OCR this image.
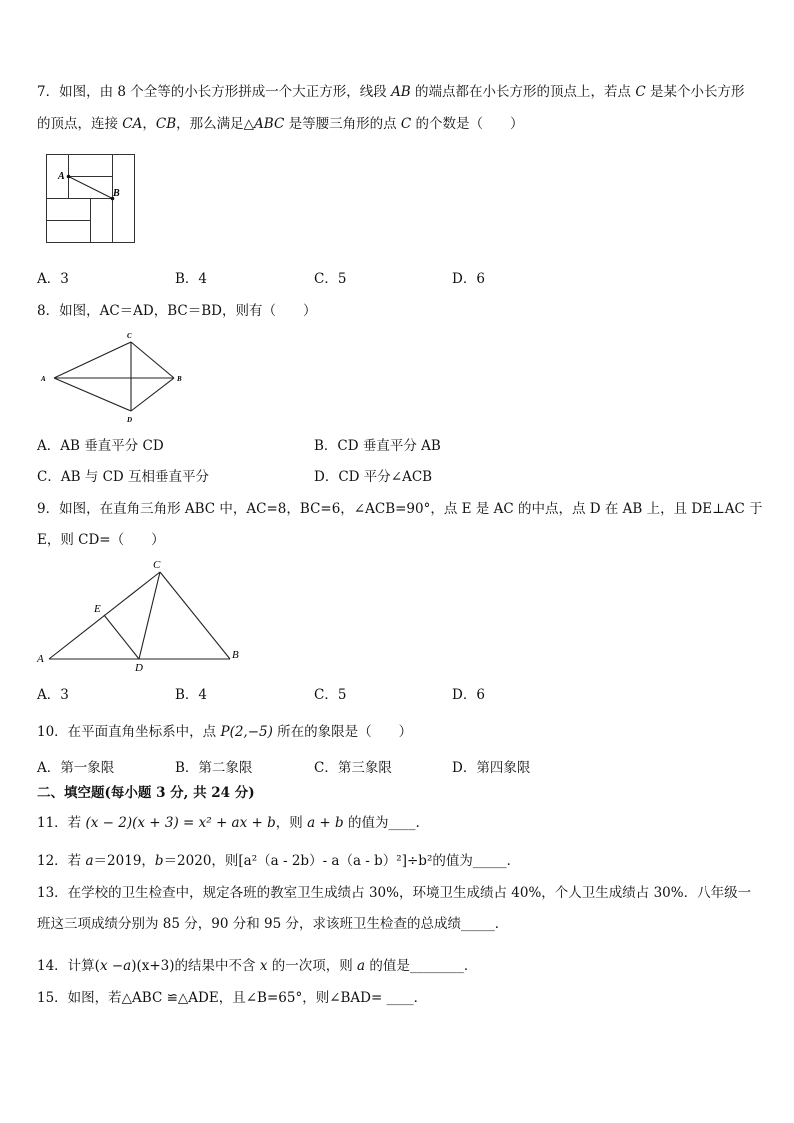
7．如图，由 8 个全等的小长方形拼成一个大正方形，线段 AB 的端点都在小长方形的顶点上，若点 C 是某个小长方形
的顶点，连接 CA，CB，那么满足△ABC 是等腰三角形的点 C 的个数是（　　）
A
B
A．3	B．4	C．5	D．6
8．如图，AC＝AD，BC＝BD，则有（　　）
A	B
C
D
A．AB 垂直平分 CD	B．CD 垂直平分 AB
C．AB 与 CD 互相垂直平分	D．CD 平分∠ACB
9．如图，在直角三角形 ABC 中，AC=8，BC=6，∠ACB=90°，点 E 是 AC 的中点，点 D 在 AB 上，且 DE⊥AC 于
E，则 CD=（　　）
A	B
C
D
E
A．3	B．4	C．5	D．6
10．在平面直角坐标系中，点 P(2,−5) 所在的象限是（　　）
A．第一象限	B．第二象限	C．第三象限	D．第四象限
二、填空题(每小题 3 分, 共 24 分)
11．若 (x − 2)(x + 3) = x² + ax + b，则 a + b 的值为____.
12．若 a＝2019，b＝2020，则[a²（a - 2b）- a（a - b）²]÷b²的值为_____．
13．在学校的卫生检查中，规定各班的教室卫生成绩占 30%，环境卫生成绩占 40%，个人卫生成绩占 30%．八年级一
班这三项成绩分别为 85 分，90 分和 95 分，求该班卫生检查的总成绩_____．
14．计算(x −a)(x+3)的结果中不含 x 的一次项，则 a 的值是________．
15．如图，若△ABC ≌△ADE，且∠B=65°，则∠BAD= ____．
